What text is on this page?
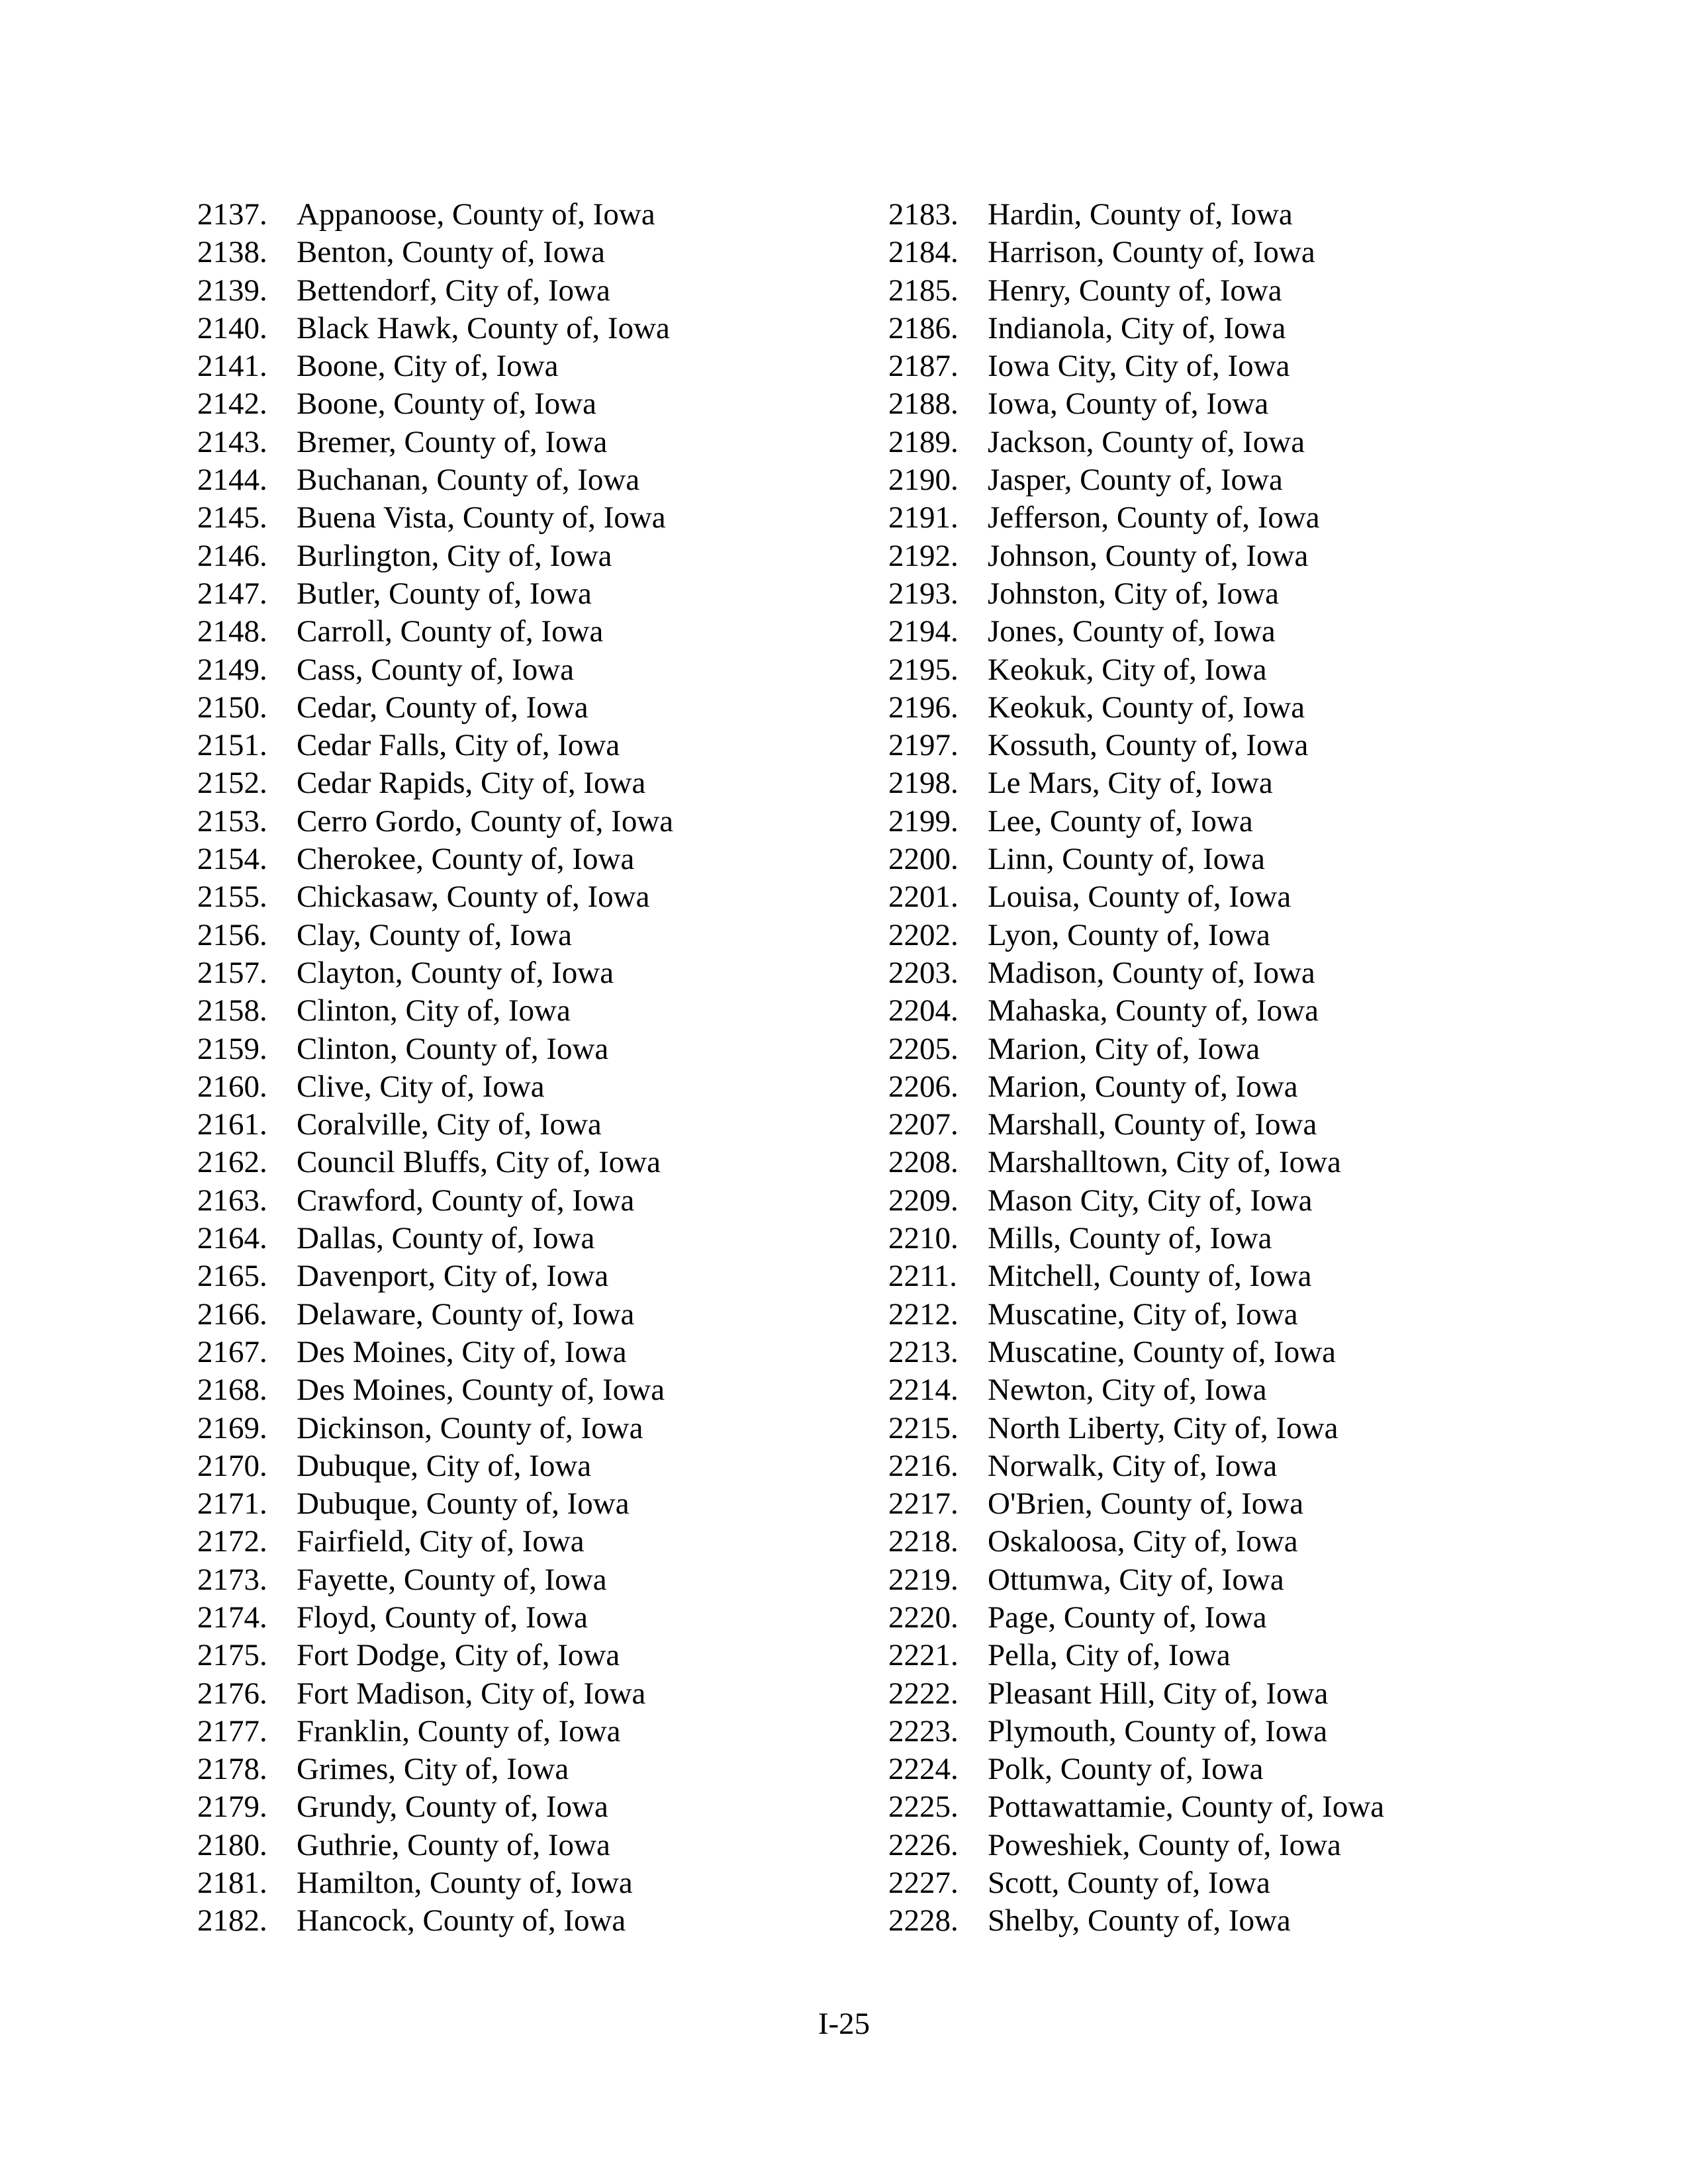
2137. Appanoose, County of, Iowa
2138. Benton, County of, Iowa
2139. Bettendorf, City of, Iowa
2140. Black Hawk, County of, Iowa
2141. Boone, City of, Iowa
2142. Boone, County of, Iowa
2143. Bremer, County of, Iowa
2144. Buchanan, County of, Iowa
2145. Buena Vista, County of, Iowa
2146. Burlington, City of, Iowa
2147. Butler, County of, Iowa
2148. Carroll, County of, Iowa
2149. Cass, County of, Iowa
2150. Cedar, County of, Iowa
2151. Cedar Falls, City of, Iowa
2152. Cedar Rapids, City of, Iowa
2153. Cerro Gordo, County of, Iowa
2154. Cherokee, County of, Iowa
2155. Chickasaw, County of, Iowa
2156. Clay, County of, Iowa
2157. Clayton, County of, Iowa
2158. Clinton, City of, Iowa
2159. Clinton, County of, Iowa
2160. Clive, City of, Iowa
2161. Coralville, City of, Iowa
2162. Council Bluffs, City of, Iowa
2163. Crawford, County of, Iowa
2164. Dallas, County of, Iowa
2165. Davenport, City of, Iowa
2166. Delaware, County of, Iowa
2167. Des Moines, City of, Iowa
2168. Des Moines, County of, Iowa
2169. Dickinson, County of, Iowa
2170. Dubuque, City of, Iowa
2171. Dubuque, County of, Iowa
2172. Fairfield, City of, Iowa
2173. Fayette, County of, Iowa
2174. Floyd, County of, Iowa
2175. Fort Dodge, City of, Iowa
2176. Fort Madison, City of, Iowa
2177. Franklin, County of, Iowa
2178. Grimes, City of, Iowa
2179. Grundy, County of, Iowa
2180. Guthrie, County of, Iowa
2181. Hamilton, County of, Iowa
2182. Hancock, County of, Iowa
2183. Hardin, County of, Iowa
2184. Harrison, County of, Iowa
2185. Henry, County of, Iowa
2186. Indianola, City of, Iowa
2187. Iowa City, City of, Iowa
2188. Iowa, County of, Iowa
2189. Jackson, County of, Iowa
2190. Jasper, County of, Iowa
2191. Jefferson, County of, Iowa
2192. Johnson, County of, Iowa
2193. Johnston, City of, Iowa
2194. Jones, County of, Iowa
2195. Keokuk, City of, Iowa
2196. Keokuk, County of, Iowa
2197. Kossuth, County of, Iowa
2198. Le Mars, City of, Iowa
2199. Lee, County of, Iowa
2200. Linn, County of, Iowa
2201. Louisa, County of, Iowa
2202. Lyon, County of, Iowa
2203. Madison, County of, Iowa
2204. Mahaska, County of, Iowa
2205. Marion, City of, Iowa
2206. Marion, County of, Iowa
2207. Marshall, County of, Iowa
2208. Marshalltown, City of, Iowa
2209. Mason City, City of, Iowa
2210. Mills, County of, Iowa
2211. Mitchell, County of, Iowa
2212. Muscatine, City of, Iowa
2213. Muscatine, County of, Iowa
2214. Newton, City of, Iowa
2215. North Liberty, City of, Iowa
2216. Norwalk, City of, Iowa
2217. O'Brien, County of, Iowa
2218. Oskaloosa, City of, Iowa
2219. Ottumwa, City of, Iowa
2220. Page, County of, Iowa
2221. Pella, City of, Iowa
2222. Pleasant Hill, City of, Iowa
2223. Plymouth, County of, Iowa
2224. Polk, County of, Iowa
2225. Pottawattamie, County of, Iowa
2226. Poweshiek, County of, Iowa
2227. Scott, County of, Iowa
2228. Shelby, County of, Iowa
I-25
